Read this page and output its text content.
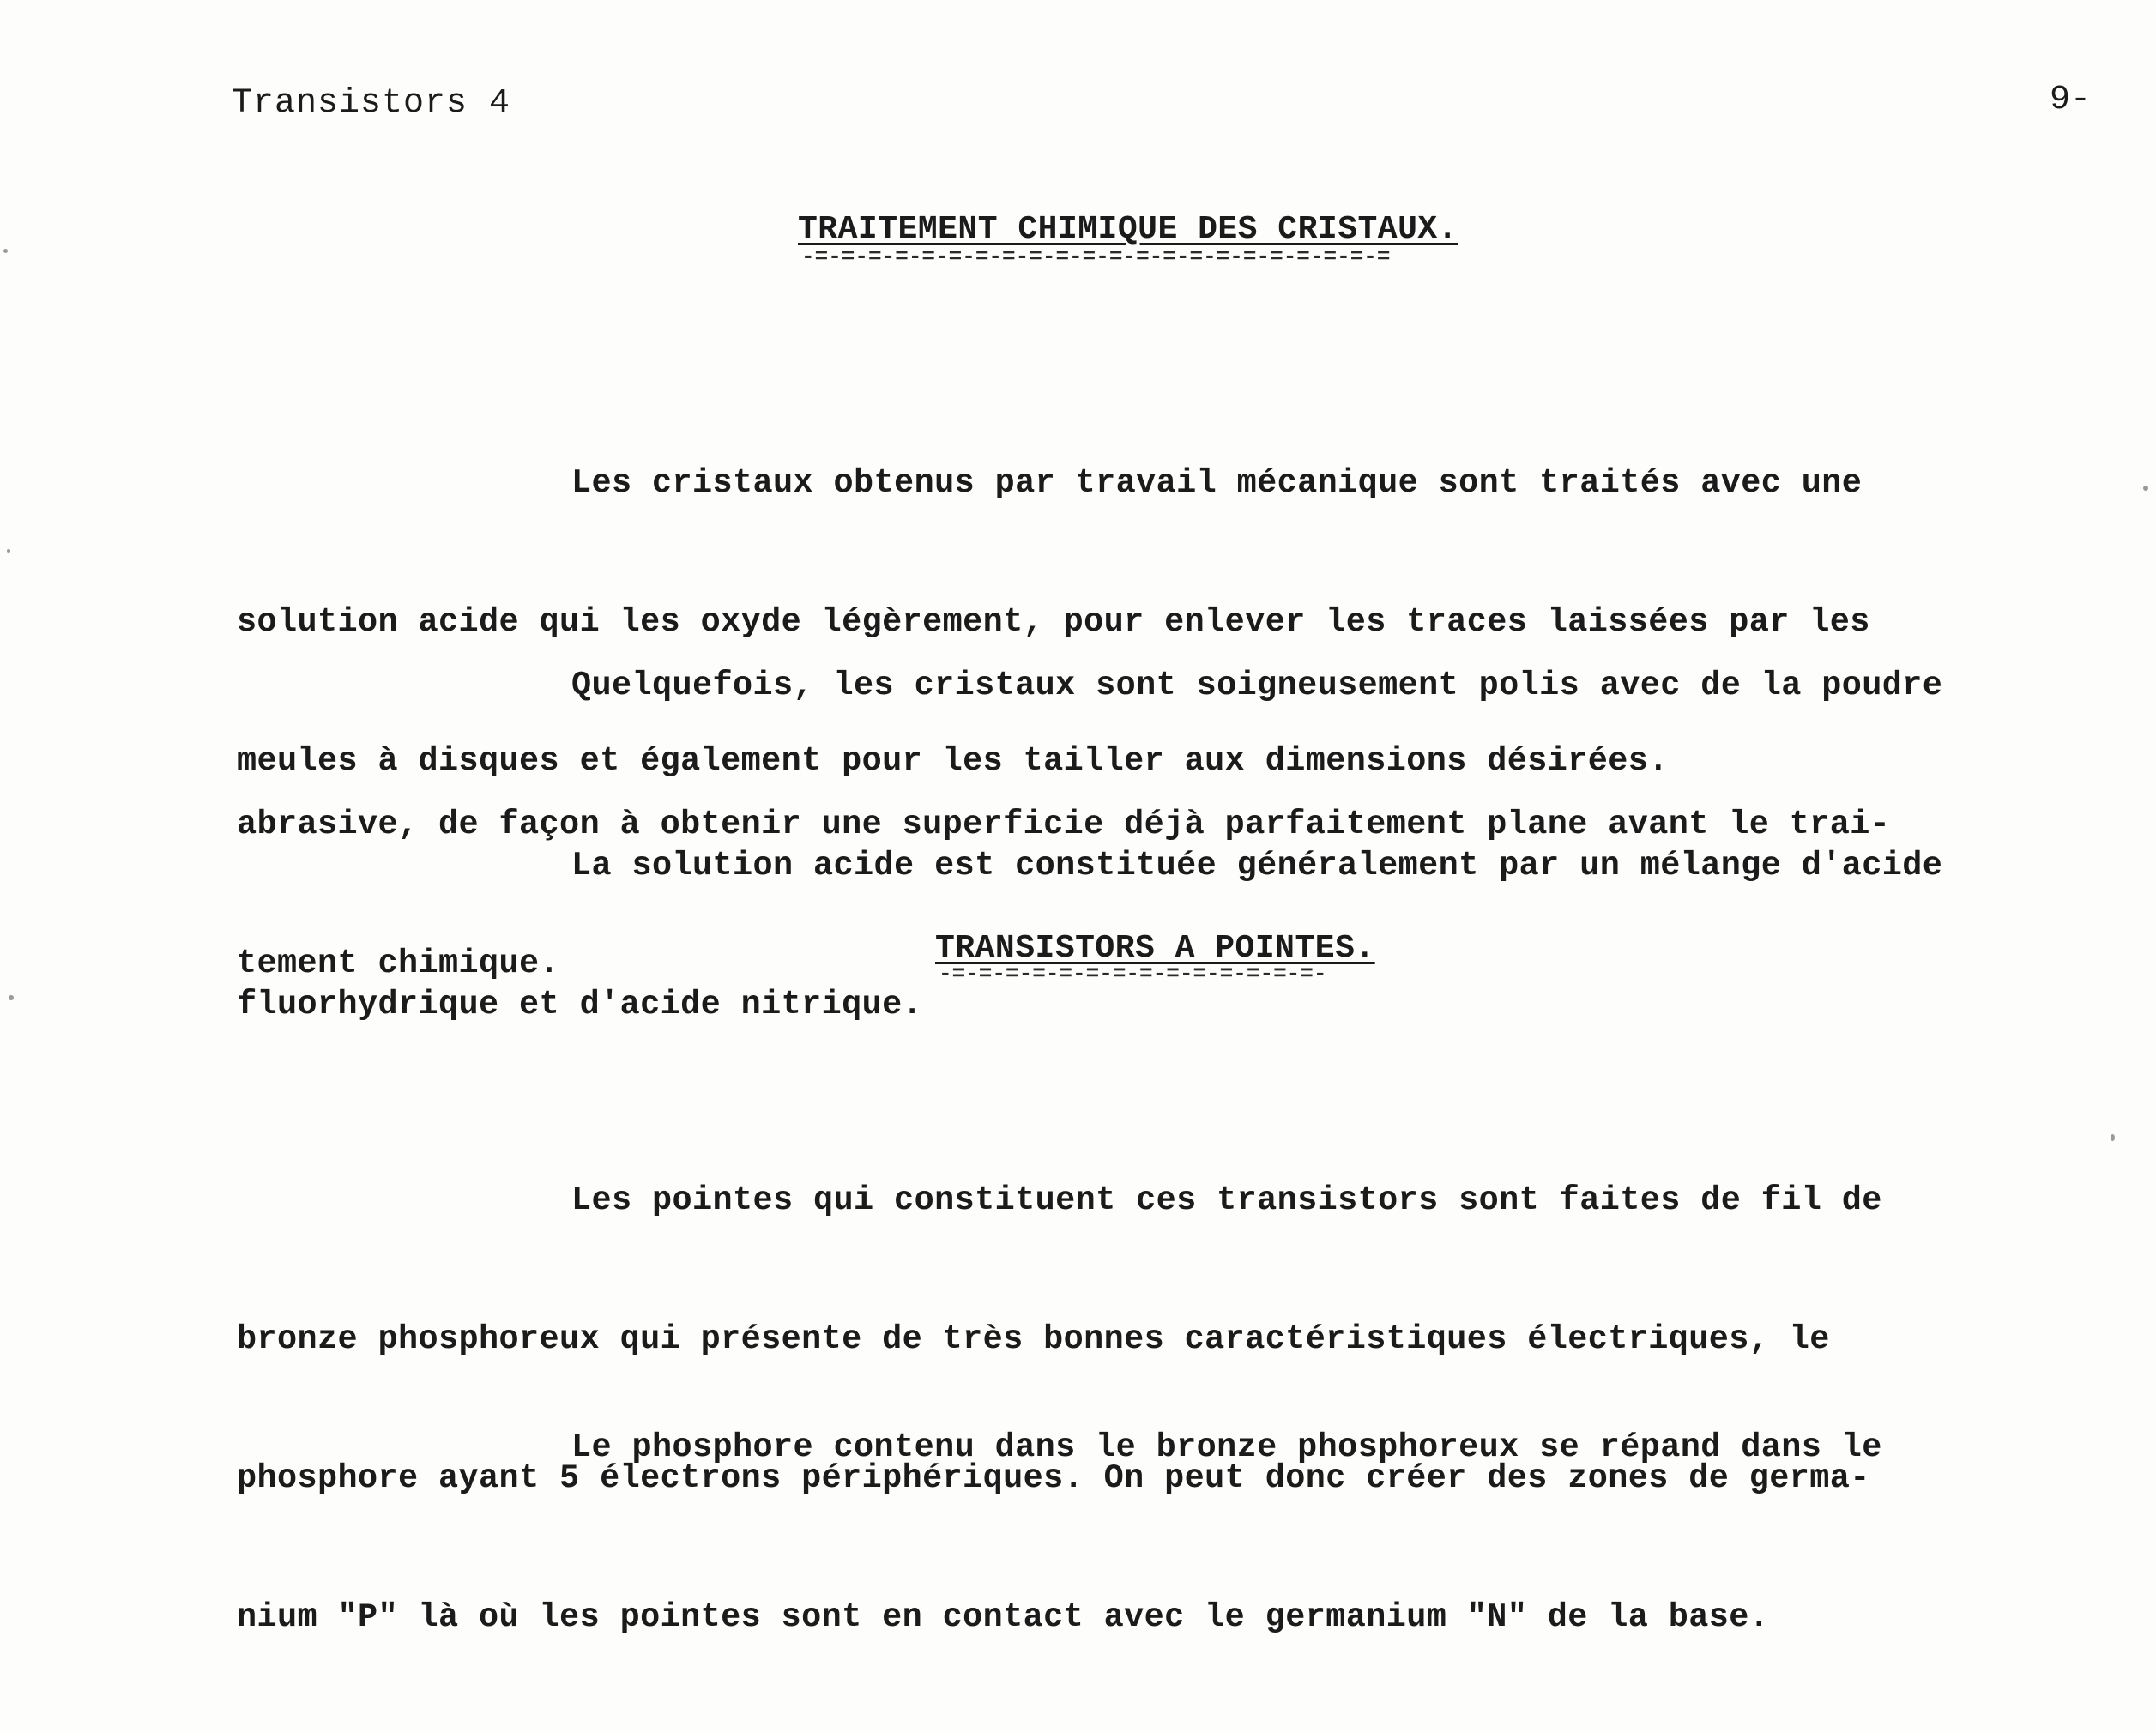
Transistors 4	9-
TRAITEMENT CHIMIQUE DES CRISTAUX.
-=-=-=-=-=-=-=-=-=-=-=-=-=-=-=-=-=-=-=-=-=-=

Les cristaux obtenus par travail mécanique sont traités avec une

solution acide qui les oxyde légèrement, pour enlever les traces laissées par les

meules à disques et également pour les tailler aux dimensions désirées.

Quelquefois, les cristaux sont soigneusement polis avec de la poudre

abrasive, de façon à obtenir une superficie déjà parfaitement plane avant le trai-

tement chimique.

La solution acide est constituée généralement par un mélange d'acide

fluorhydrique et d'acide nitrique.

TRANSISTORS A POINTES.
-=-=-=-=-=-=-=-=-=-=-=-=-=-=-

Les pointes qui constituent ces transistors sont faites de fil de

bronze phosphoreux qui présente de très bonnes caractéristiques électriques, le

phosphore ayant 5 électrons périphériques. On peut donc créer des zones de germa-

nium "P" là où les pointes sont en contact avec le germanium "N" de la base.

Le phosphore contenu dans le bronze phosphoreux se répand dans le
